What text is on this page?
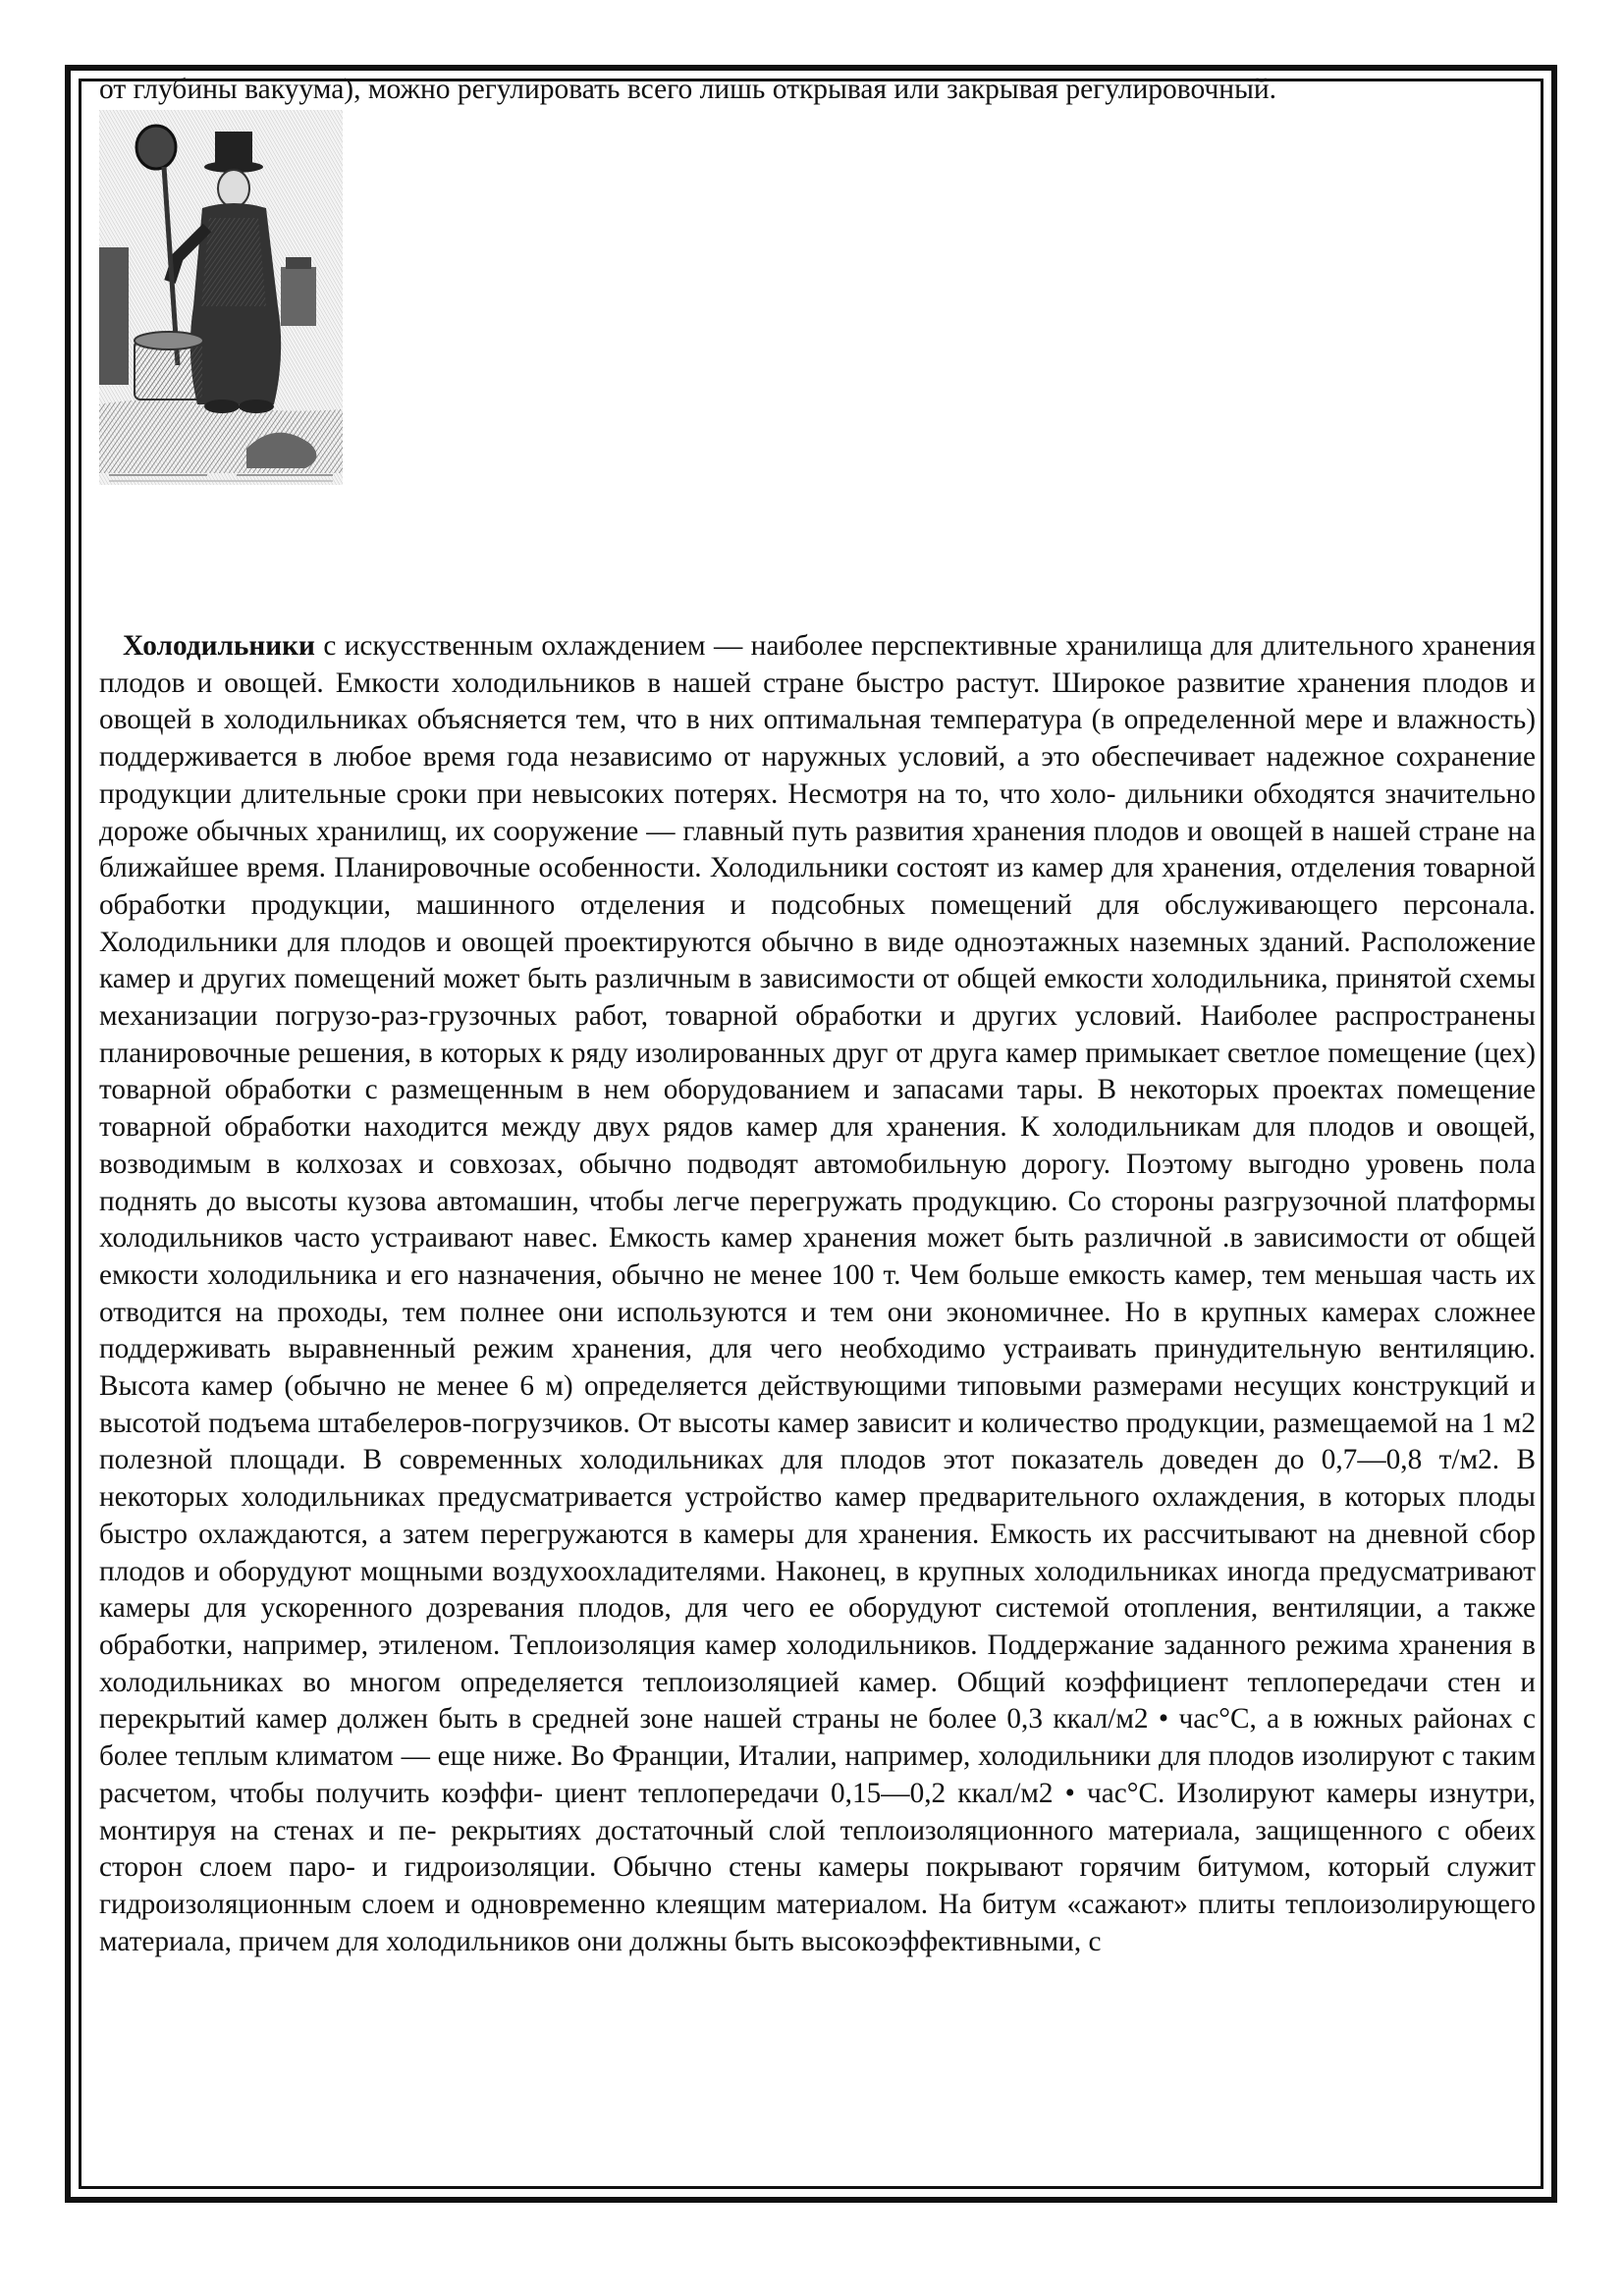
от глубины вакуума), можно регулировать всего лишь открывая или закрывая регулировочный.

Холодильники с искусственным охлаждением — наиболее перспективные хранилища для длительного хранения плодов и овощей. Емкости холодильников в нашей стране быстро растут. Широкое развитие хранения плодов и овощей в холодильниках объясняется тем, что в них оптимальная температура (в определенной мере и влажность) поддерживается в любое время года независимо от наружных условий, а это обеспечивает надежное сохранение продукции длительные сроки при невысоких потерях. Несмотря на то, что холо- дильники обходятся значительно дороже обычных хранилищ, их сооружение — главный путь развития хранения плодов и овощей в нашей стране на ближайшее время. Планировочные особенности. Холодильники состоят из камер для хранения, отделения товарной обработки продукции, машинного отделения и подсобных помещений для обслуживающего персонала. Холодильники для плодов и овощей проектируются обычно в виде одноэтажных наземных зданий. Расположение камер и других помещений может быть различным в зависимости от общей емкости холодильника, принятой схемы механизации погрузо-раз-грузочных работ, товарной обработки и других условий. Наиболее распространены планировочные решения, в которых к ряду изолированных друг от друга камер примыкает светлое помещение (цех) товарной обработки с размещенным в нем оборудованием и запасами тары. В некоторых проектах помещение товарной обработки находится между двух рядов камер для хранения. К холодильникам для плодов и овощей, возводимым в колхозах и совхозах, обычно подводят автомобильную дорогу. Поэтому выгодно уровень пола поднять до высоты кузова автомашин, чтобы легче перегружать продукцию. Со стороны разгрузочной платформы холодильников часто устраивают навес. Емкость камер хранения может быть различной .в зависимости от общей емкости холодильника и его назначения, обычно не менее 100 т. Чем больше емкость камер, тем меньшая часть их отводится на проходы, тем полнее они используются и тем они экономичнее. Но в крупных камерах сложнее поддерживать выравненный режим хранения, для чего необходимо устраивать принудительную вентиляцию. Высота камер (обычно не менее 6 м) определяется действующими типовыми размерами несущих конструкций и высотой подъема штабелеров-погрузчиков. От высоты камер зависит и количество продукции, размещаемой на 1 м2 полезной площади. В современных холодильниках для плодов этот показатель доведен до 0,7—0,8 т/м2. В некоторых холодильниках предусматривается устройство камер предварительного охлаждения, в которых плоды быстро охлаждаются, а затем перегружаются в камеры для хранения. Емкость их рассчитывают на дневной сбор плодов и оборудуют мощными воздухоохладителями. Наконец, в крупных холодильниках иногда предусматривают камеры для ускоренного дозревания плодов, для чего ее оборудуют системой отопления, вентиляции, а также обработки, например, этиленом. Теплоизоляция камер холодильников. Поддержание заданного режима хранения в холодильниках во многом определяется теплоизоляцией камер. Общий коэффициент теплопередачи стен и перекрытий камер должен быть в средней зоне нашей страны не более 0,3 ккал/м2 • час°С, а в южных районах с более теплым климатом — еще ниже. Во Франции, Италии, например, холодильники для плодов изолируют с таким расчетом, чтобы получить коэффи- циент теплопередачи 0,15—0,2 ккал/м2 • час°С. Изолируют камеры изнутри, монтируя на стенах и пе- рекрытиях достаточный слой теплоизоляционного материала, защищенного с обеих сторон слоем паро- и гидроизоляции. Обычно стены камеры покрывают горячим битумом, который служит гидроизоляционным слоем и одновременно клеящим материалом. На битум «сажают» плиты теплоизолирующего материала, причем для холодильников они должны быть высокоэффективными, с
